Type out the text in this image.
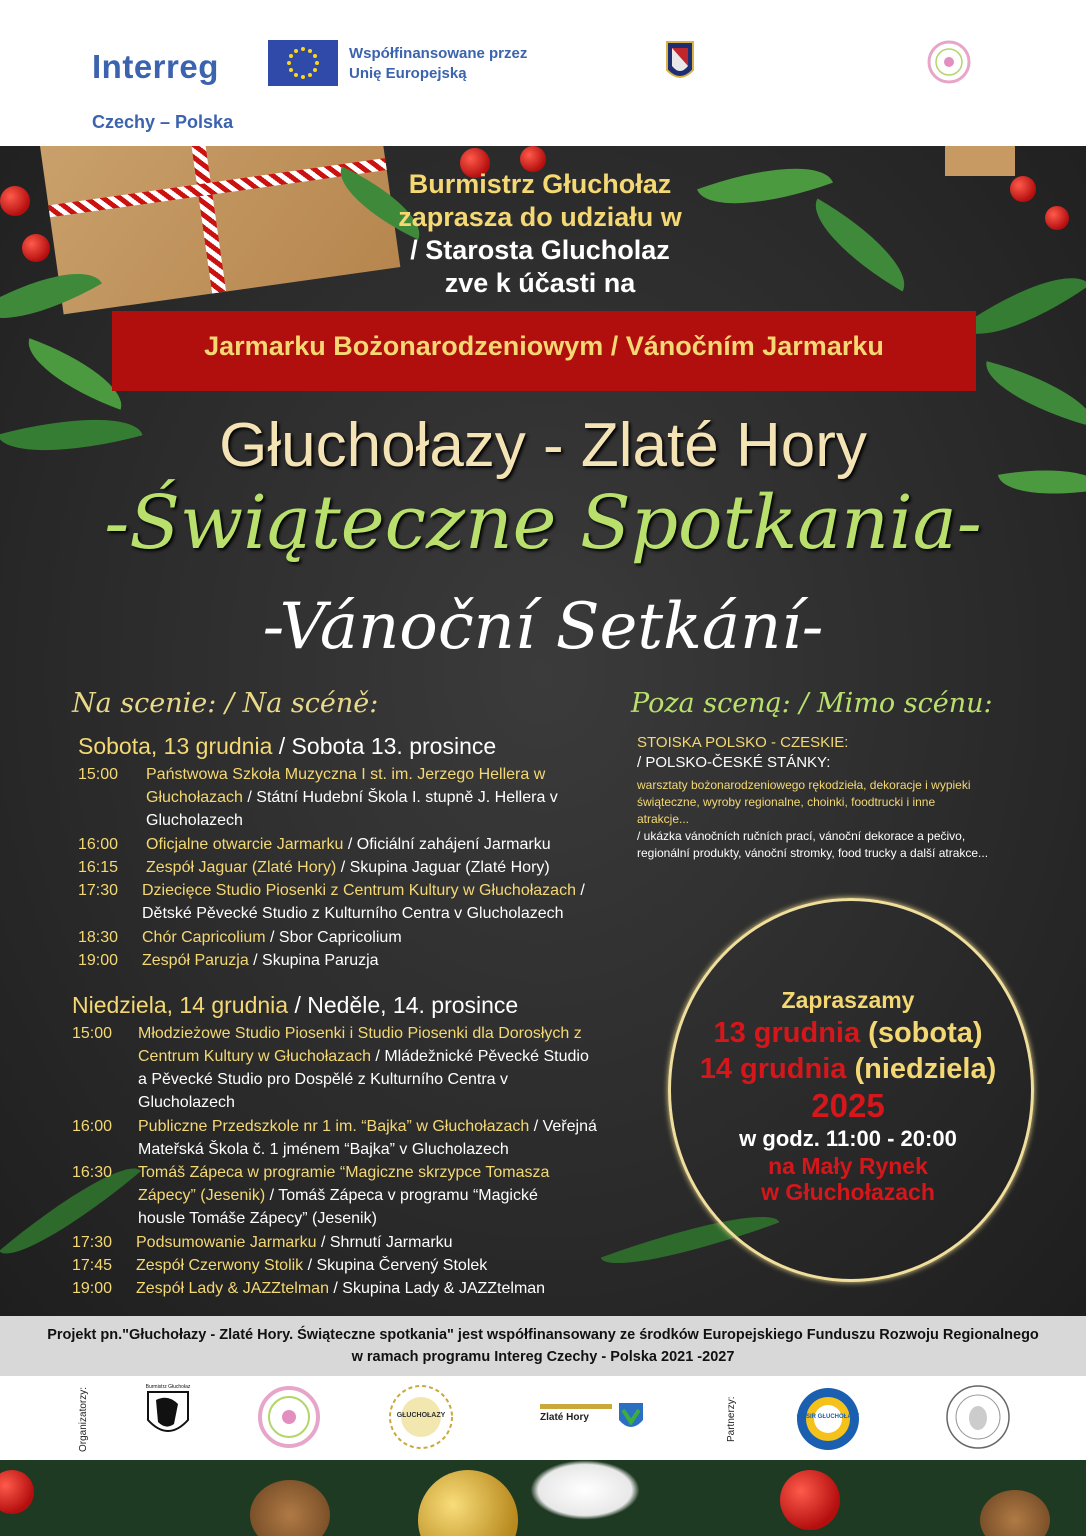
Interreg	Współfinansowane przez Unię Europejską
Czechy – Polska
Burmistrz Głuchołaz
zaprasza do udziału w
/ Starosta Glucholaz
zve k účasti na
Jarmarku Bożonarodzeniowym / Vánočním Jarmarku
Głuchołazy - Zlaté Hory
-Świąteczne Spotkania-
-Vánoční Setkání-
Na scenie: / Na scéně:	Poza sceną: / Mimo scénu:
Sobota, 13 grudnia / Sobota 13. prosince
15:00	Państwowa Szkoła Muzyczna I st. im. Jerzego Hellera w Głuchołazach / Státní Hudební Škola I. stupně J. Hellera v Glucholazech
16:00	Oficjalne otwarcie Jarmarku / Oficiální zahájení Jarmarku
16:15	Zespół Jaguar (Zlaté Hory) / Skupina Jaguar (Zlaté Hory)
17:30	Dziecięce Studio Piosenki z Centrum Kultury w Głuchołazach / Dětské Pěvecké Studio z Kulturního Centra v Glucholazech
18:30	Chór Capricolium / Sbor Capricolium
19:00	Zespół Paruzja / Skupina Paruzja
Niedziela, 14 grudnia / Neděle, 14. prosince
15:00	Młodzieżowe Studio Piosenki i Studio Piosenki dla Dorosłych z Centrum Kultury w Głuchołazach / Mládežnické Pěvecké Studio a Pěvecké Studio pro Dospělé z Kulturního Centra v Glucholazech
16:00	Publiczne Przedszkole nr 1 im. “Bajka” w Głuchołazach / Veřejná Mateřská Škola č. 1 jménem “Bajka” v Glucholazech
16:30	Tomáš Zápeca w programie “Magiczne skrzypce Tomasza Zápecy” (Jesenik) / Tomáš Zápeca v programu “Magické housle Tomáše Zápecy” (Jesenik)
17:30	Podsumowanie Jarmarku / Shrnutí Jarmarku
17:45	Zespół Czerwony Stolik / Skupina Červený Stolek
19:00	Zespół Lady & JAZZtelman / Skupina Lady & JAZZtelman
STOISKA POLSKO - CZESKIE:
/ POLSKO-ČESKÉ STÁNKY:
warsztaty bożonarodzeniowego rękodzieła, dekoracje i wypieki świąteczne, wyroby regionalne, choinki, foodtrucki i inne atrakcje...
/ ukázka vánočních ručních prací, vánoční dekorace a pečivo, regionální produkty, vánoční stromky, food trucky a další atrakce...
Zapraszamy
13 grudnia (sobota)
14 grudnia (niedziela)
2025
w godz. 11:00 - 20:00
na Mały Rynek
w Głuchołazach
Projekt pn."Głuchołazy - Zlaté Hory. Świąteczne spotkania" jest współfinansowany ze środków Europejskiego Funduszu Rozwoju Regionalnego w ramach programu Intereg Czechy - Polska 2021 -2027
Organizatorzy:	Partnerzy:
Burmistrz Głuchołaz
GŁUCHOŁAZY	Zlaté Hory	GOSIR GŁUCHOŁAZY
